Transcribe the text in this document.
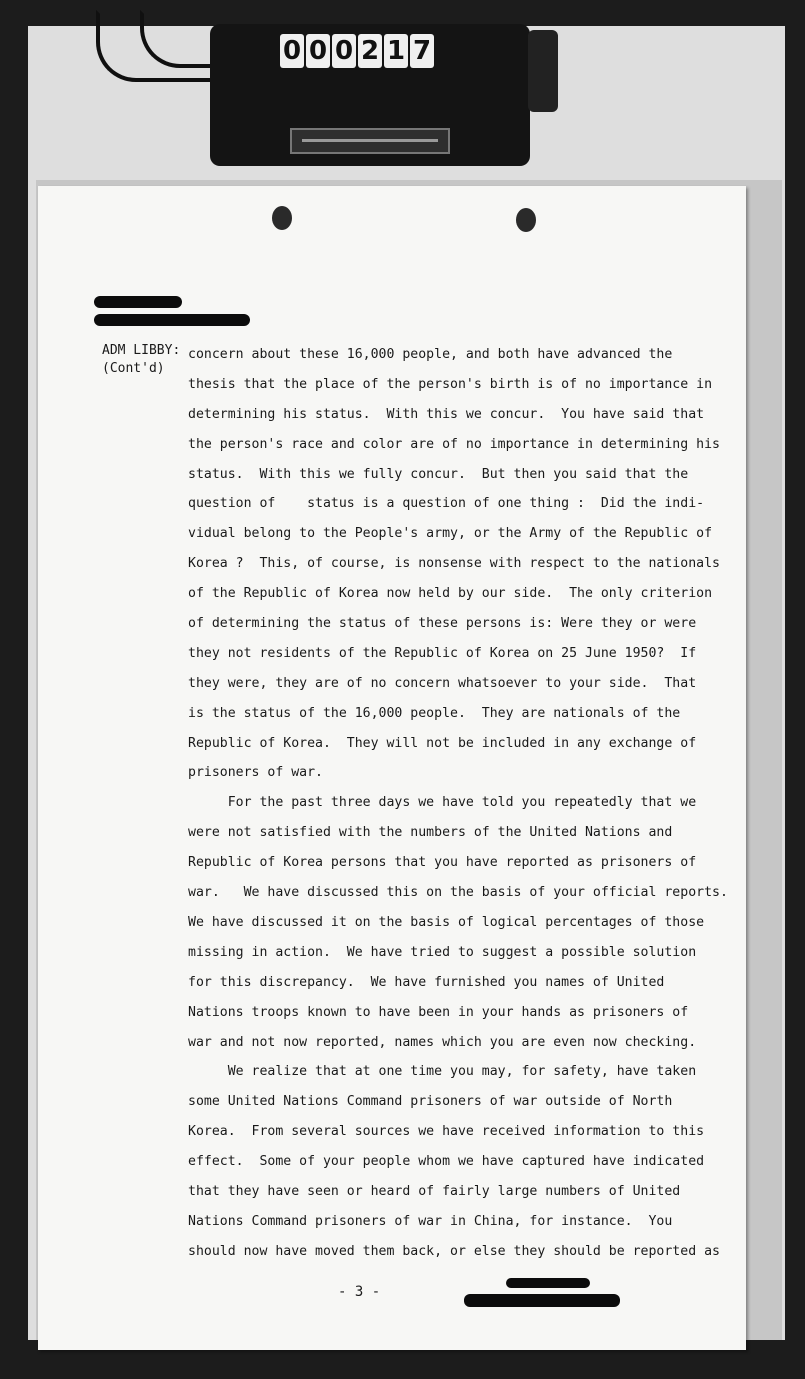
0 0 0 2 1 7
ADM LIBBY:
(Cont'd)
concern about these 16,000 people, and both have advanced the
thesis that the place of the person's birth is of no importance in
determining his status.  With this we concur.  You have said that
the person's race and color are of no importance in determining his
status.  With this we fully concur.  But then you said that the
question of    status is a question of one thing :  Did the indi-
vidual belong to the People's army, or the Army of the Republic of
Korea ?  This, of course, is nonsense with respect to the nationals
of the Republic of Korea now held by our side.  The only criterion
of determining the status of these persons is: Were they or were
they not residents of the Republic of Korea on 25 June 1950?  If
they were, they are of no concern whatsoever to your side.  That
is the status of the 16,000 people.  They are nationals of the
Republic of Korea.  They will not be included in any exchange of
prisoners of war.
For the past three days we have told you repeatedly that we
were not satisfied with the numbers of the United Nations and
Republic of Korea persons that you have reported as prisoners of
war.   We have discussed this on the basis of your official reports.
We have discussed it on the basis of logical percentages of those
missing in action.  We have tried to suggest a possible solution
for this discrepancy.  We have furnished you names of United
Nations troops known to have been in your hands as prisoners of
war and not now reported, names which you are even now checking.
We realize that at one time you may, for safety, have taken
some United Nations Command prisoners of war outside of North
Korea.  From several sources we have received information to this
effect.  Some of your people whom we have captured have indicated
that they have seen or heard of fairly large numbers of United
Nations Command prisoners of war in China, for instance.  You
should now have moved them back, or else they should be reported as
- 3 -
